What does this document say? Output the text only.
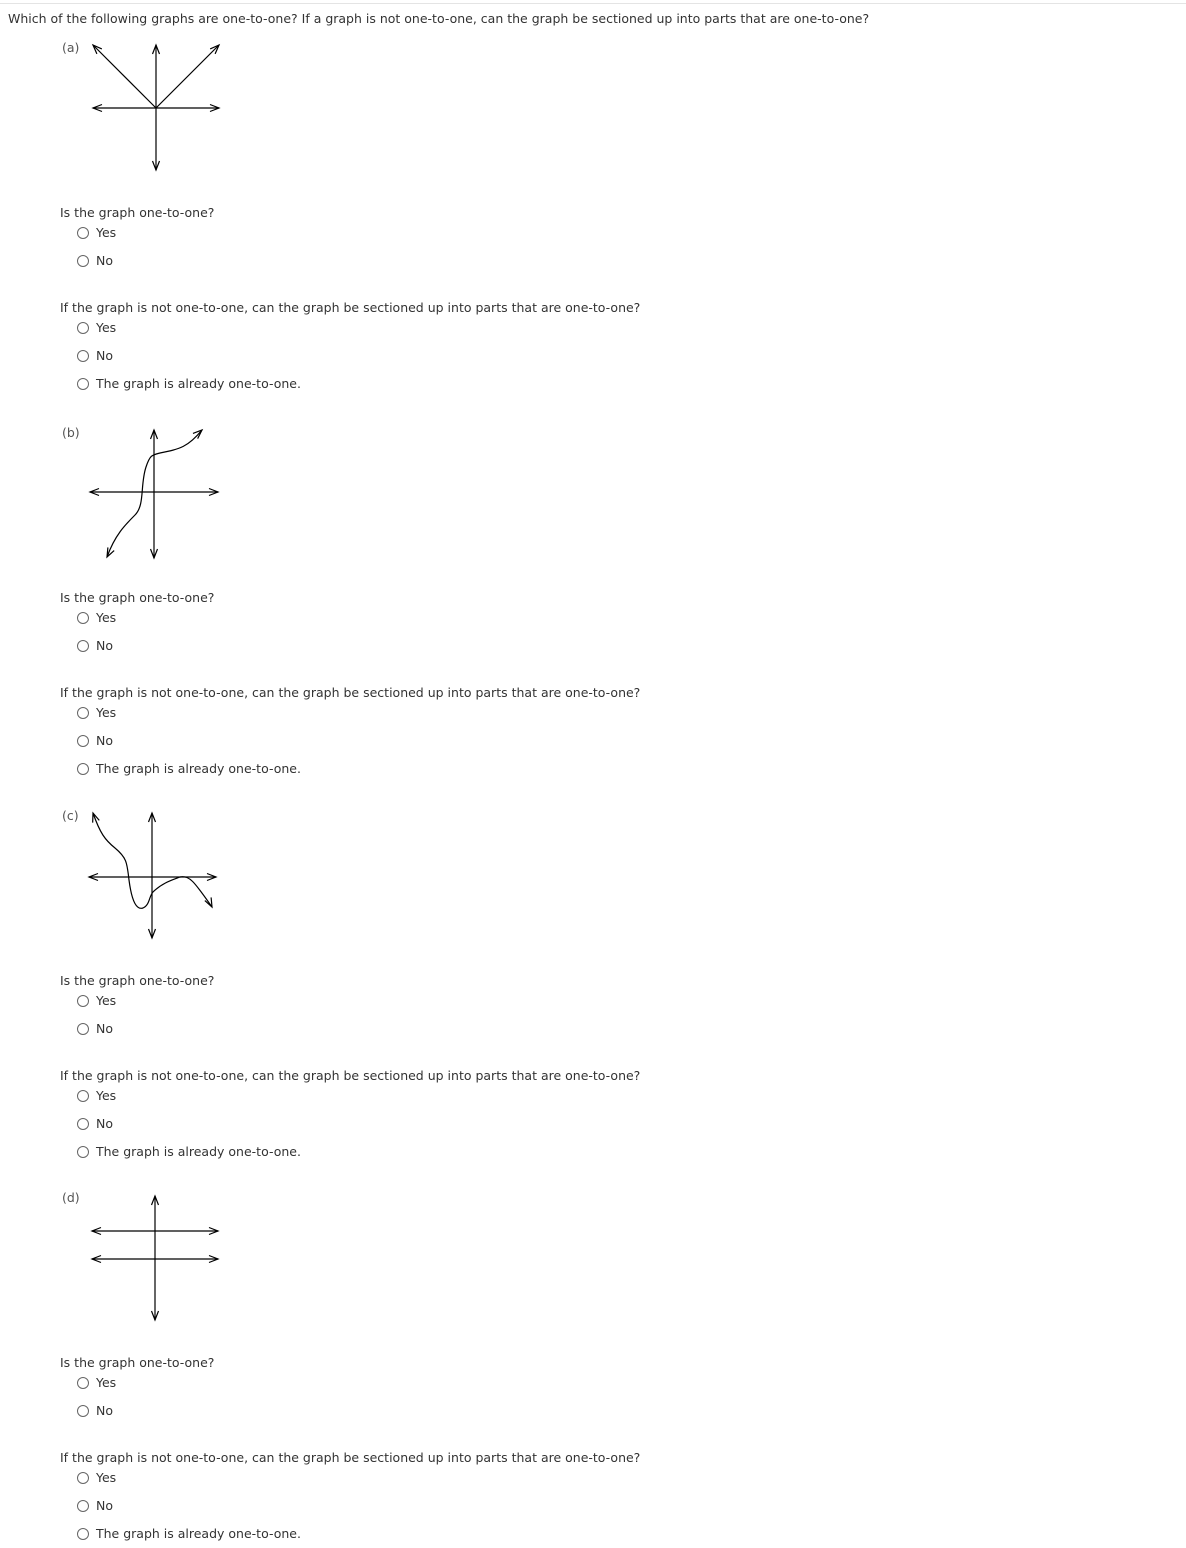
Which of the following graphs are one-to-one? If a graph is not one-to-one, can the graph be sectioned up into parts that are one-to-one?
(a)
Is the graph one-to-one?
Yes
No
If the graph is not one-to-one, can the graph be sectioned up into parts that are one-to-one?
Yes
No
The graph is already one-to-one.
(b)
Is the graph one-to-one?
Yes
No
If the graph is not one-to-one, can the graph be sectioned up into parts that are one-to-one?
Yes
No
The graph is already one-to-one.
(c)
Is the graph one-to-one?
Yes
No
If the graph is not one-to-one, can the graph be sectioned up into parts that are one-to-one?
Yes
No
The graph is already one-to-one.
(d)
Is the graph one-to-one?
Yes
No
If the graph is not one-to-one, can the graph be sectioned up into parts that are one-to-one?
Yes
No
The graph is already one-to-one.
